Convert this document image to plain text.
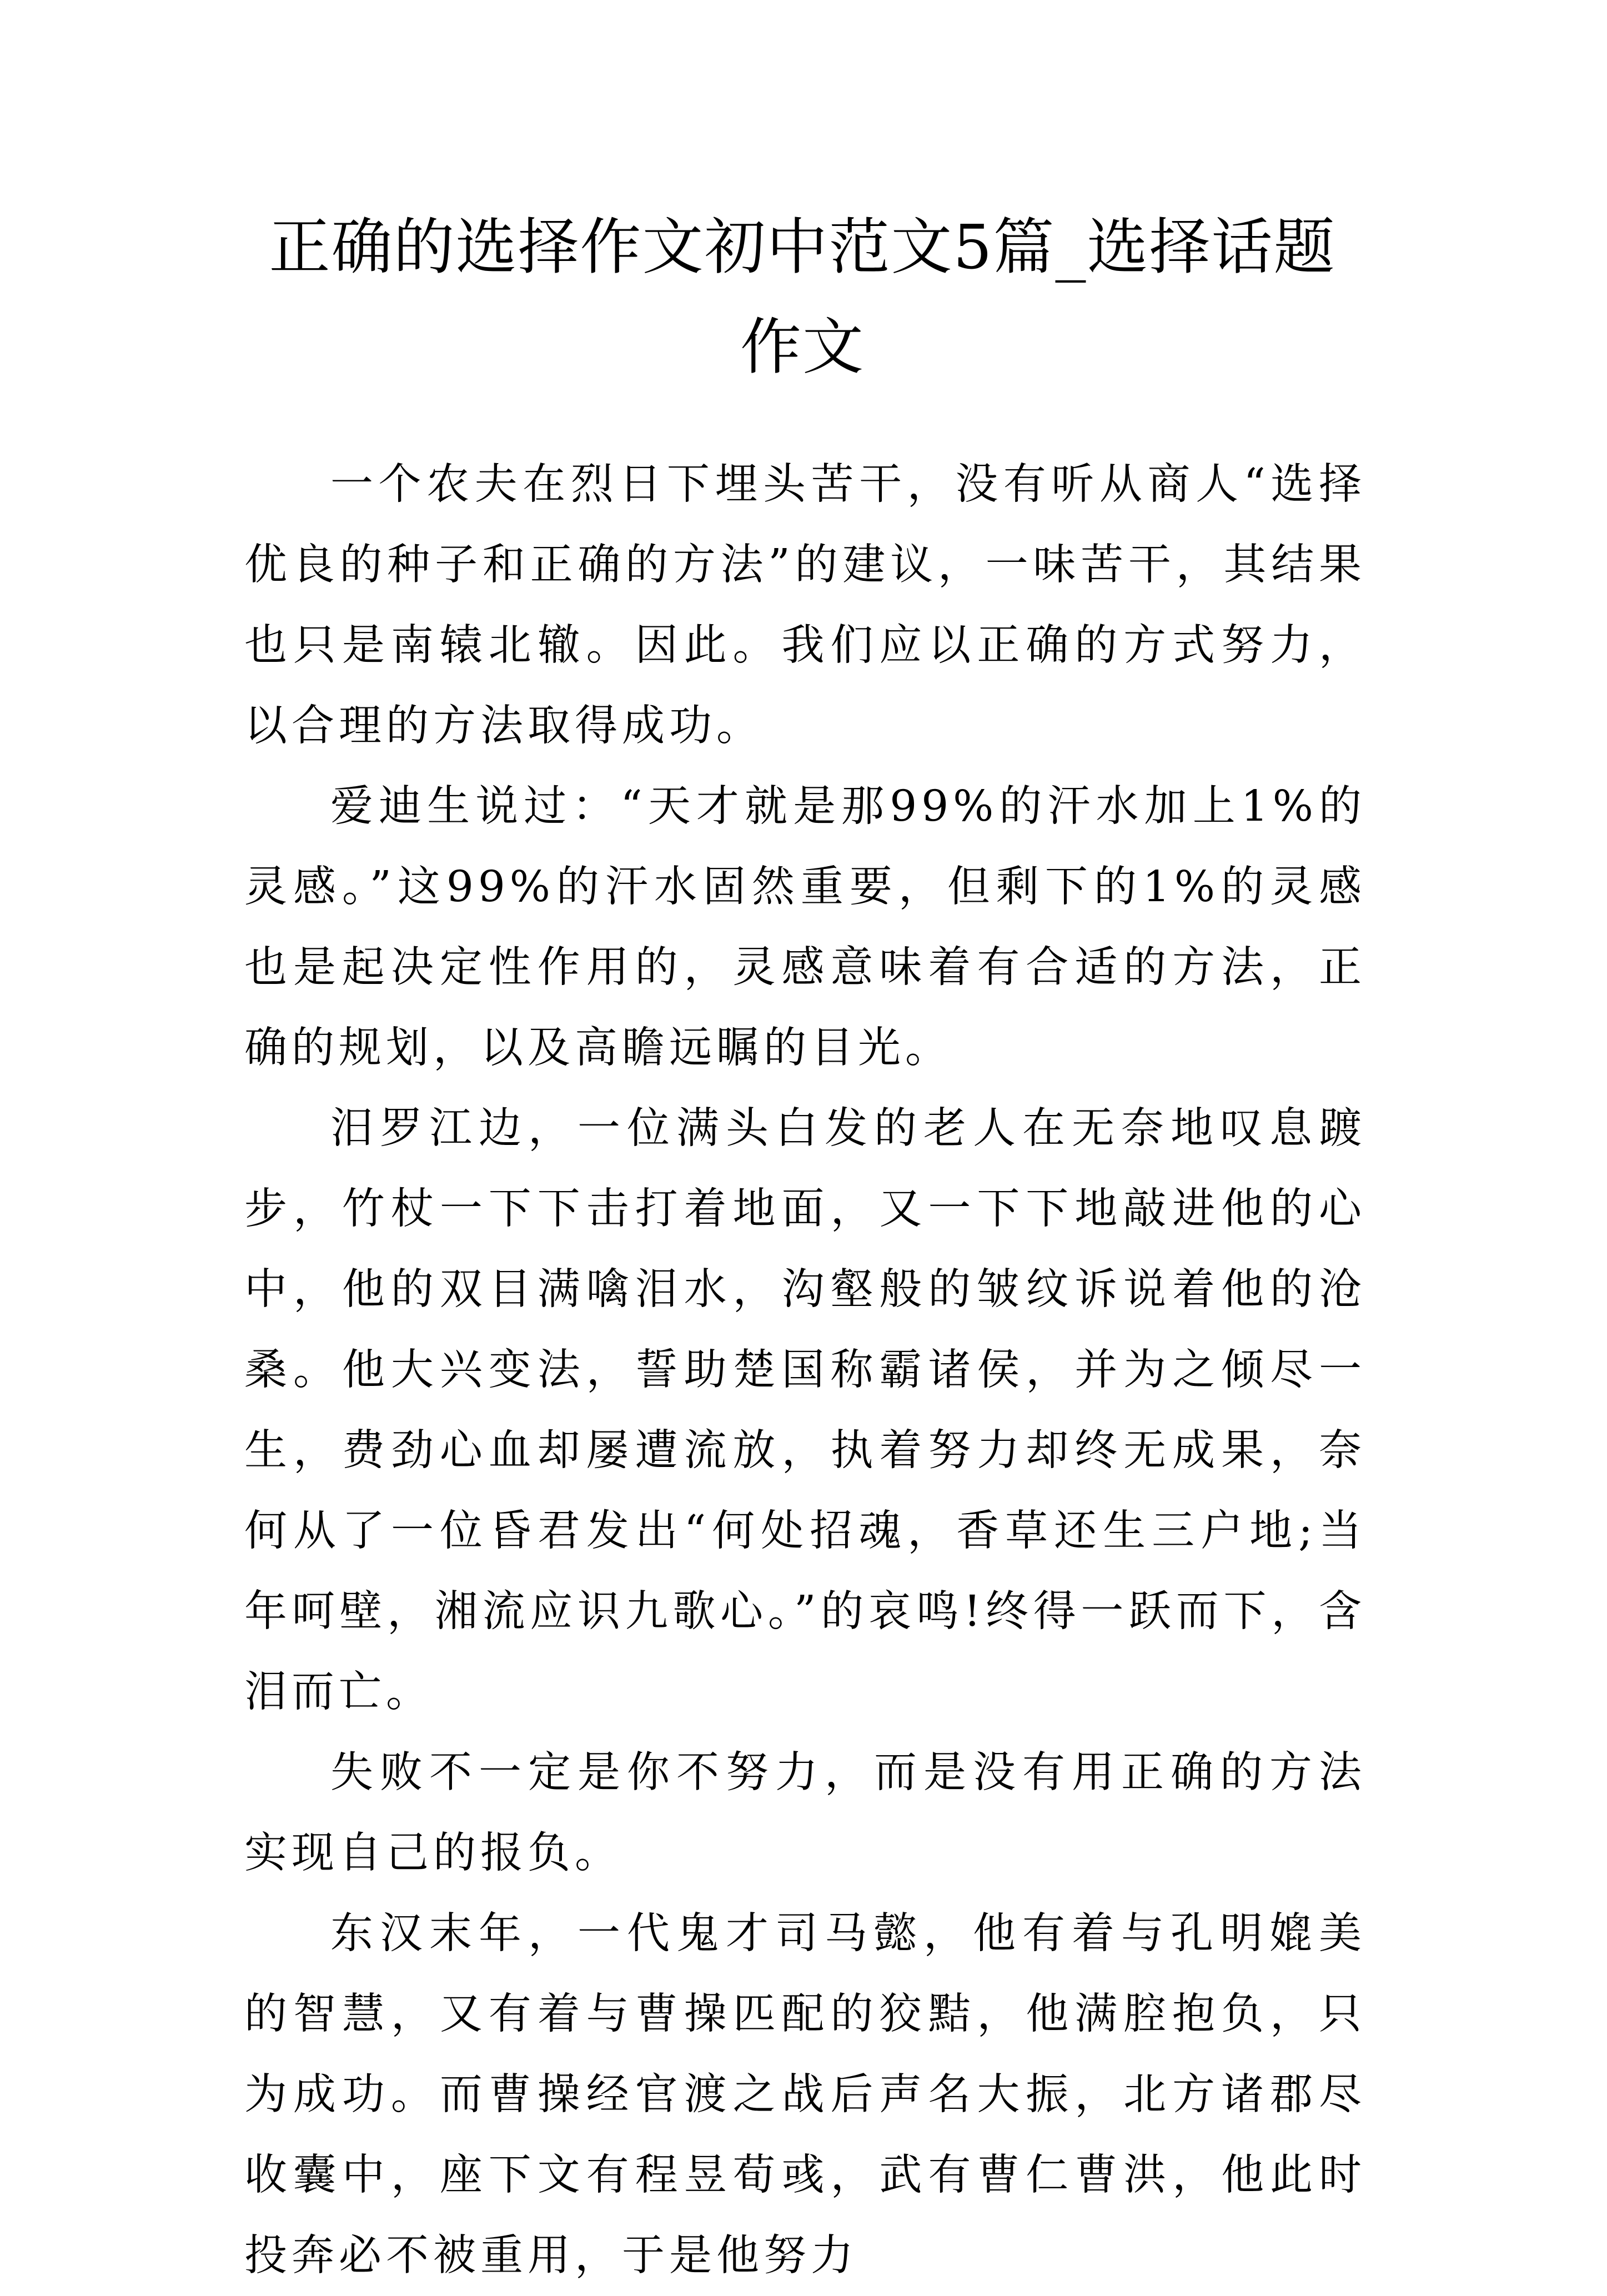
正确的选择作文初中范文5篇_选择话题作文

一个农夫在烈日下埋头苦干，没有听从商人“选择优良的种子和正确的方法”的建议，一味苦干，其结果也只是南辕北辙。因此。我们应以正确的方式努力，以合理的方法取得成功。

爱迪生说过：“天才就是那99%的汗水加上1%的灵感。”这99%的汗水固然重要，但剩下的1%的灵感也是起决定性作用的，灵感意味着有合适的方法，正确的规划，以及高瞻远瞩的目光。

汨罗江边，一位满头白发的老人在无奈地叹息踱步，竹杖一下下击打着地面，又一下下地敲进他的心中，他的双目满噙泪水，沟壑般的皱纹诉说着他的沧桑。他大兴变法，誓助楚国称霸诸侯，并为之倾尽一生，费劲心血却屡遭流放，执着努力却终无成果，奈何从了一位昏君发出“何处招魂，香草还生三户地;当年呵壁，湘流应识九歌心。”的哀鸣!终得一跃而下，含泪而亡。

失败不一定是你不努力，而是没有用正确的方法实现自己的报负。

东汉末年，一代鬼才司马懿，他有着与孔明媲美的智慧，又有着与曹操匹配的狡黠，他满腔抱负，只为成功。而曹操经官渡之战后声名大振，北方诸郡尽收囊中，座下文有程昱荀彧，武有曹仁曹洪，他此时投奔必不被重用，于是他努力
